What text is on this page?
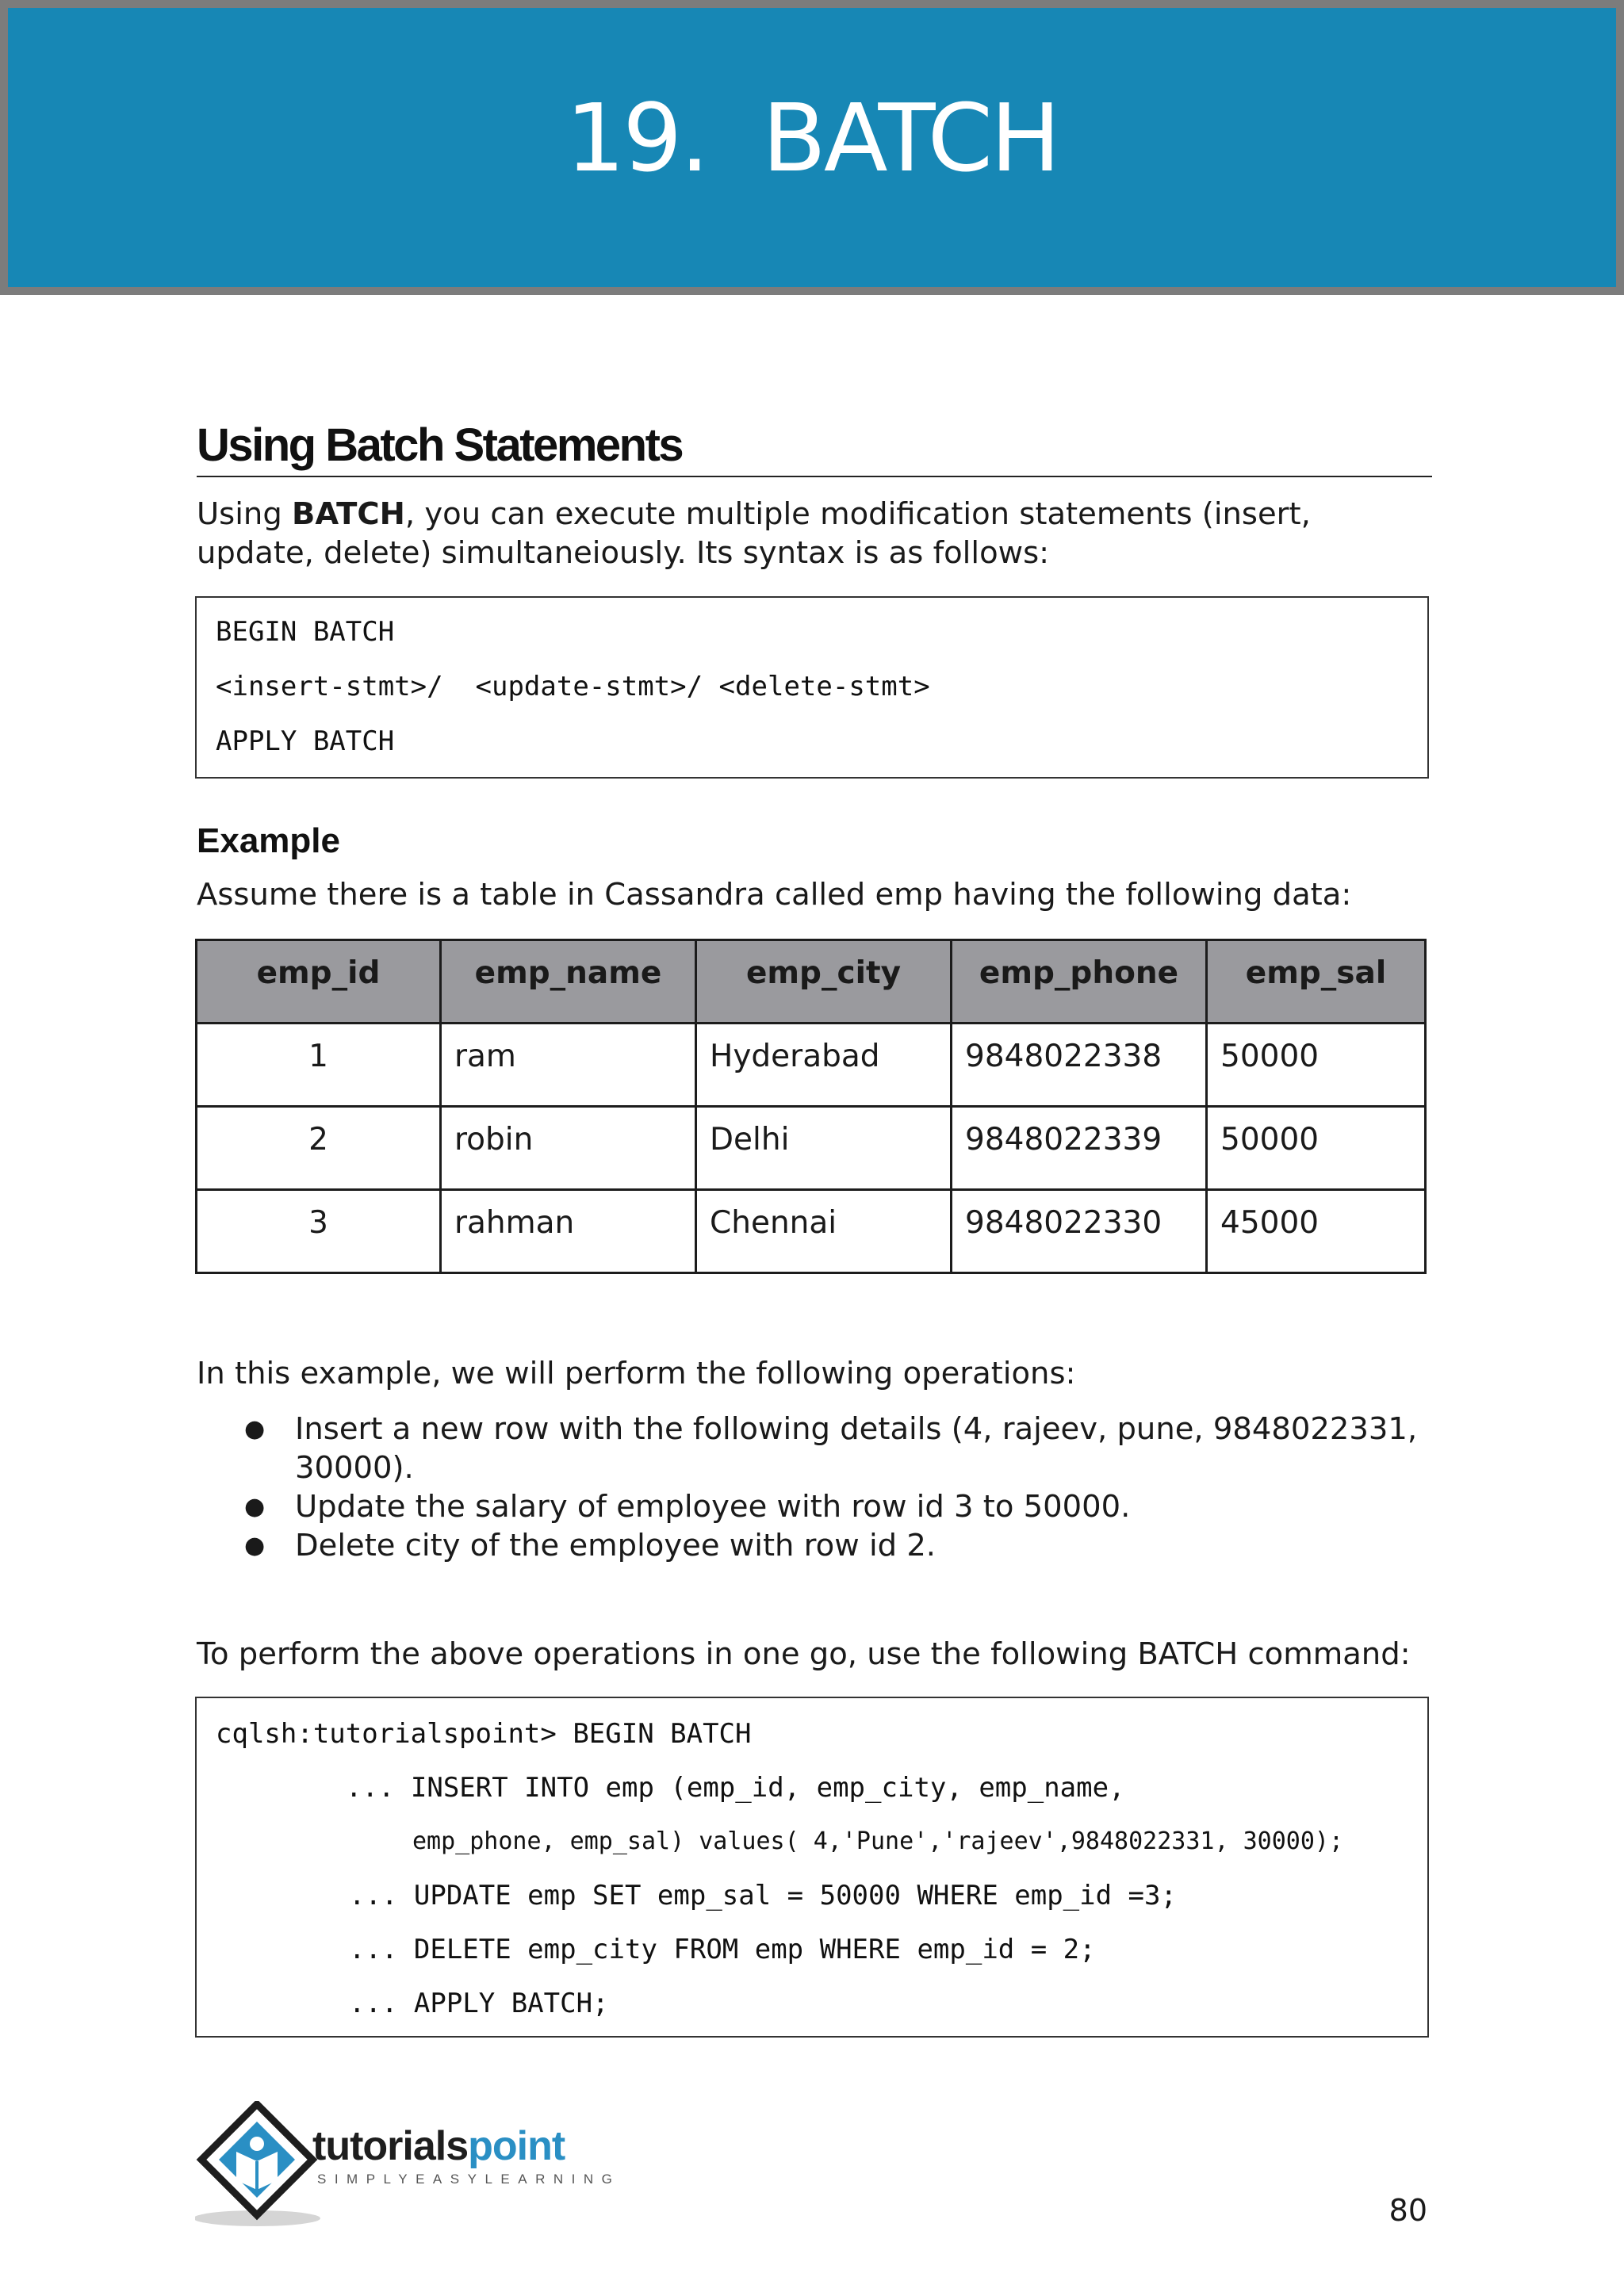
19. BATCH
Using Batch Statements
Using BATCH, you can execute multiple modification statements (insert, update, delete) simultaneiously. Its syntax is as follows:
BEGIN BATCH
<insert-stmt>/  <update-stmt>/ <delete-stmt>
APPLY BATCH
Example
Assume there is a table in Cassandra called emp having the following data:
emp_id	emp_name	emp_city	emp_phone	emp_sal
1	ram	Hyderabad	9848022338	50000
2	robin	Delhi	9848022339	50000
3	rahman	Chennai	9848022330	45000
In this example, we will perform the following operations:
● Insert a new row with the following details (4, rajeev, pune, 9848022331, 30000).
● Update the salary of employee with row id 3 to 50000.
● Delete city of the employee with row id 2.
To perform the above operations in one go, use the following BATCH command:
cqlsh:tutorialspoint> BEGIN BATCH
... INSERT INTO emp (emp_id, emp_city, emp_name,
emp_phone, emp_sal) values( 4,'Pune','rajeev',9848022331, 30000);
... UPDATE emp SET emp_sal = 50000 WHERE emp_id =3;
... DELETE emp_city FROM emp WHERE emp_id = 2;
... APPLY BATCH;
tutorialspoint
SIMPLYEASYLEARNING
80
